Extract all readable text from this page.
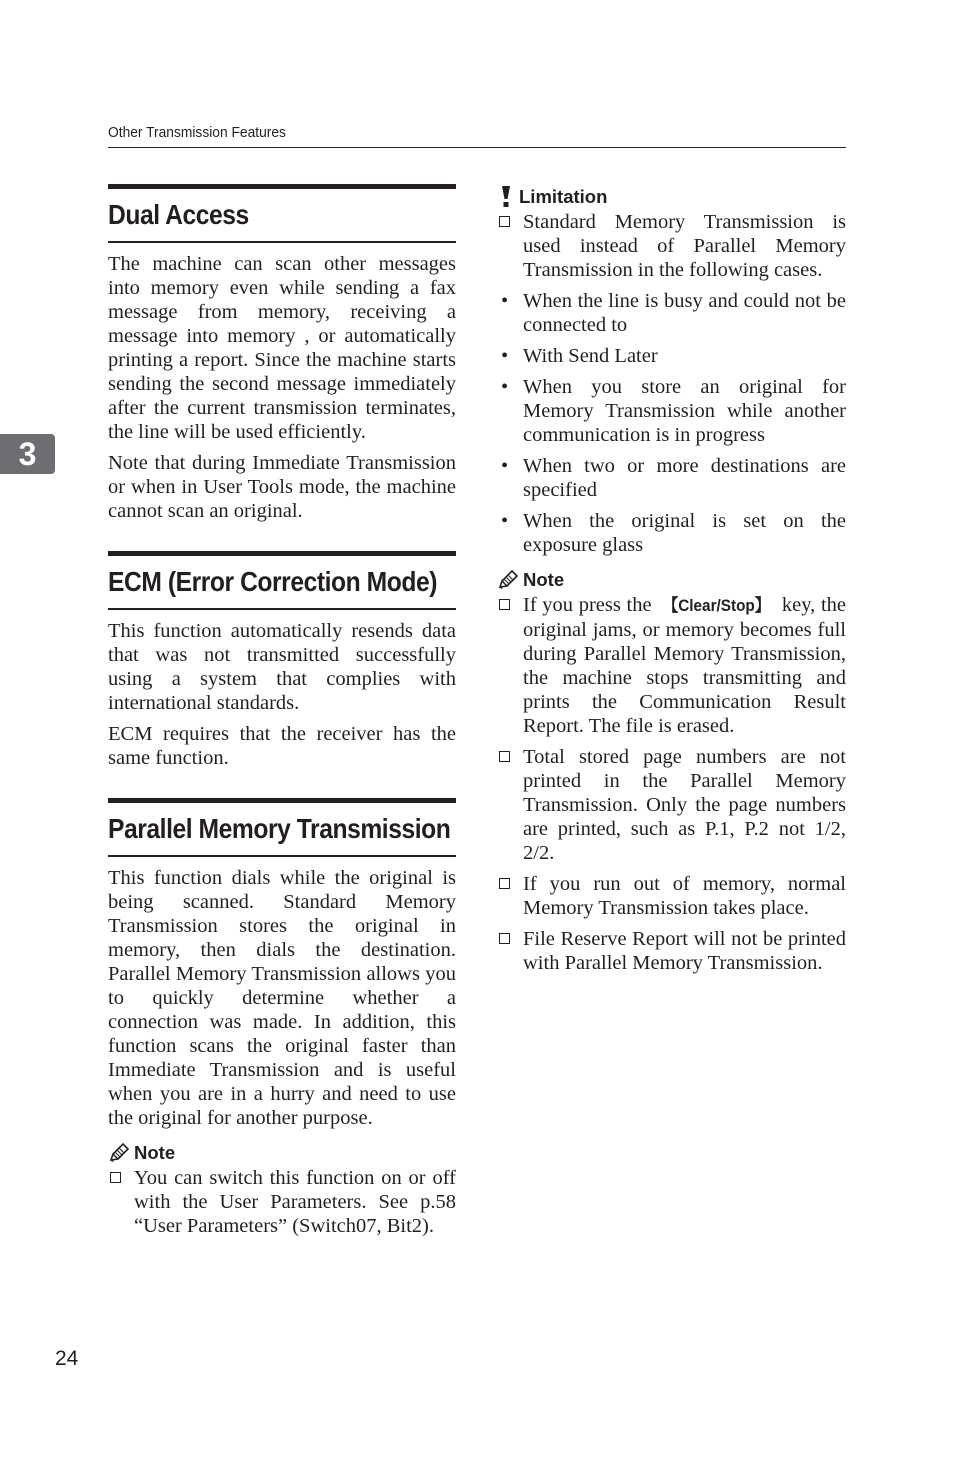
Other Transmission Features
3
Dual Access

The machine can scan other messages into memory even while sending a fax message from memory, receiving a message into memory , or automatically printing a report. Since the machine starts sending the second message immediately after the current transmission terminates, the line will be used efficiently.

Note that during Immediate Transmission or when in User Tools mode, the machine cannot scan an original.

ECM (Error Correction Mode)

This function automatically resends data that was not transmitted successfully using a system that complies with international standards.

ECM requires that the receiver has the same function.

Parallel Memory Transmission

This function dials while the original is being scanned. Standard Memory Transmission stores the original in memory, then dials the destination. Parallel Memory Transmission allows you to quickly determine whether a connection was made. In addition, this function scans the original faster than Immediate Transmission and is useful when you are in a hurry and need to use the original for another purpose.

Note
You can switch this function on or off with the User Parameters. See p.58 “User Parameters” (Switch07, Bit2).
Limitation
Standard Memory Transmission is used instead of Parallel Memory Transmission in the following cases.
• When the line is busy and could not be connected to
• With Send Later
• When you store an original for Memory Transmission while another communication is in progress
• When two or more destinations are specified
• When the original is set on the exposure glass
Note
If you press the 【Clear/Stop】 key, the original jams, or memory becomes full during Parallel Memory Transmission, the machine stops transmitting and prints the Communication Result Report. The file is erased.
Total stored page numbers are not printed in the Parallel Memory Transmission. Only the page numbers are printed, such as P.1, P.2 not 1/2, 2/2.
If you run out of memory, normal Memory Transmission takes place.
File Reserve Report will not be printed with Parallel Memory Transmission.
24
